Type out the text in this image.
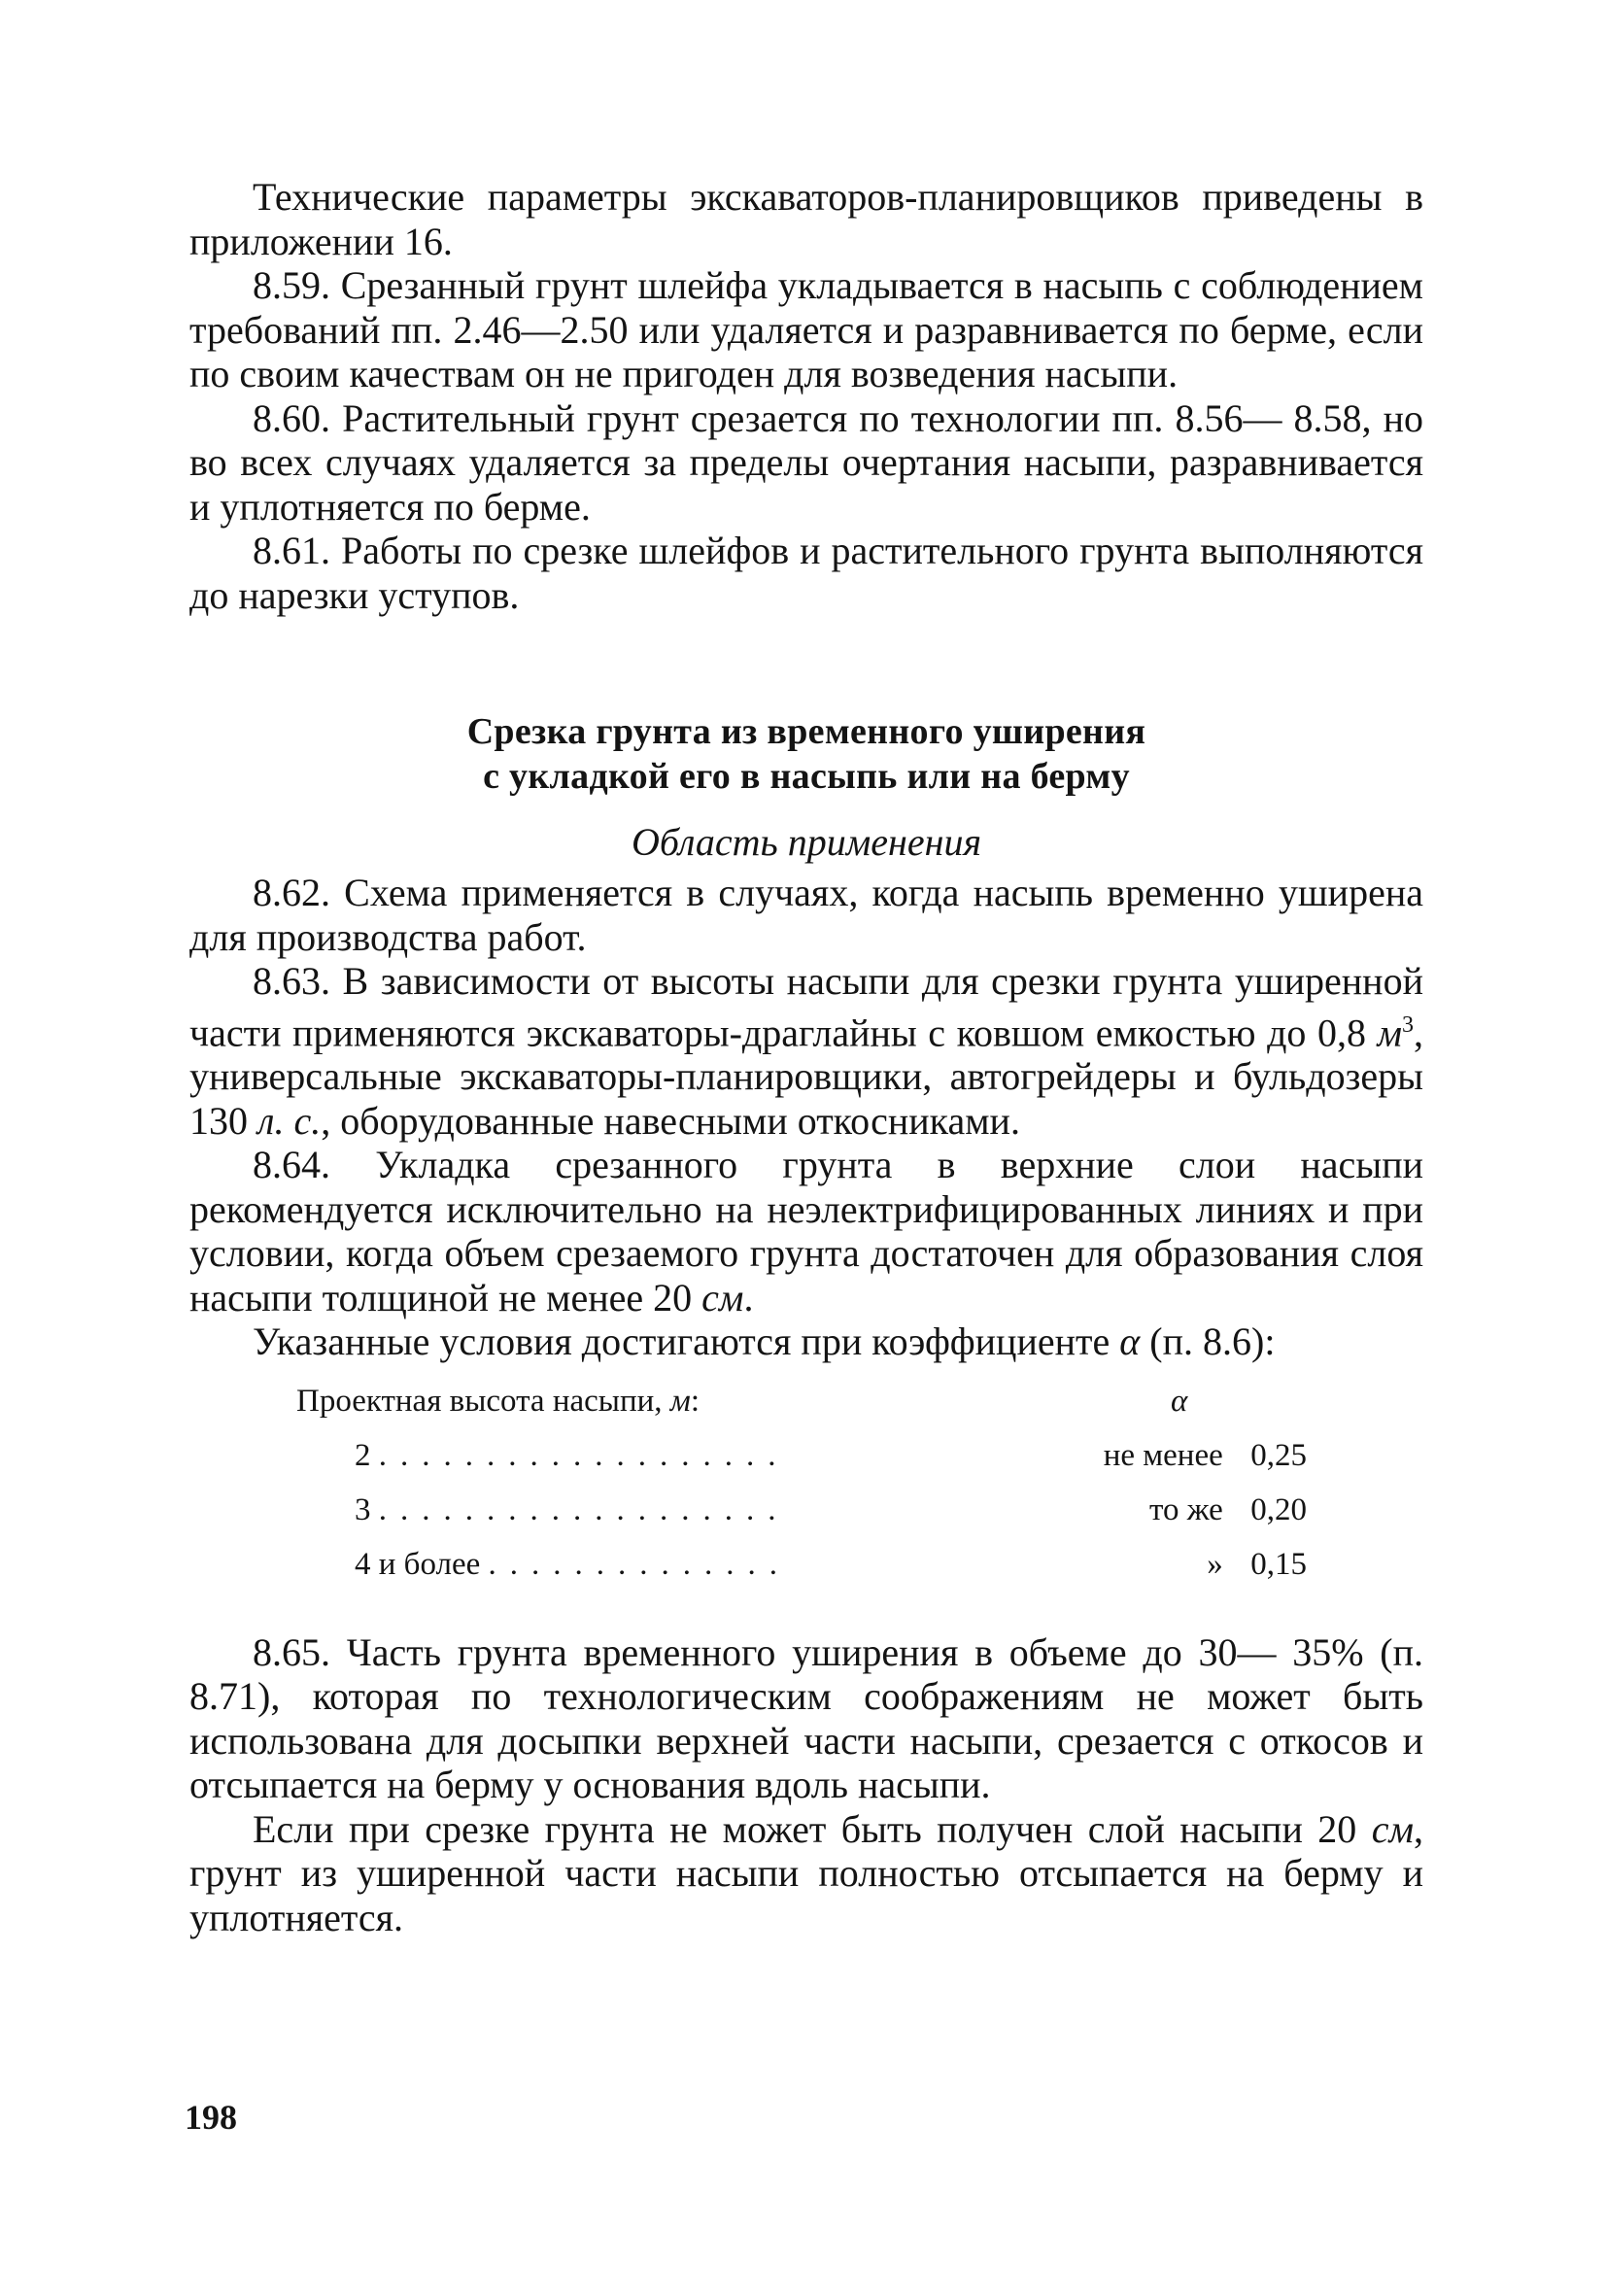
Технические параметры экскаваторов-планировщиков приведены в приложении 16.

8.59. Срезанный грунт шлейфа укладывается в насыпь с соблюдением требований пп. 2.46—2.50 или удаляется и разравнивается по берме, если по своим качествам он не пригоден для возведения насыпи.

8.60. Растительный грунт срезается по технологии пп. 8.56— 8.58, но во всех случаях удаляется за пределы очертания насыпи, разравнивается и уплотняется по берме.

8.61. Работы по срезке шлейфов и растительного грунта выполняются до нарезки уступов.

Срезка грунта из временного уширения
с укладкой его в насыпь или на берму
Область применения

8.62. Схема применяется в случаях, когда насыпь временно уширена для производства работ.

8.63. В зависимости от высоты насыпи для срезки грунта уширенной части применяются экскаваторы-драглайны с ковшом емкостью до 0,8 $м^3$, универсальные экскаваторы-планировщики, автогрейдеры и бульдозеры 130 л. с., оборудованные навесными откосниками.

8.64. Укладка срезанного грунта в верхние слои насыпи рекомендуется исключительно на неэлектрифицированных линиях и при условии, когда объем срезаемого грунта достаточен для образования слоя насыпи толщиной не менее 20 см.

Указанные условия достигаются при коэффициенте α (п. 8.6):

Проектная высота насыпи, м:	α
2 ...................	не менее 0,25
3 ...................	то же 0,20
4 и более ..............	» 0,15

8.65. Часть грунта временного уширения в объеме до 30— 35% (п. 8.71), которая по технологическим соображениям не может быть использована для досыпки верхней части насыпи, срезается с откосов и отсыпается на берму у основания вдоль насыпи.

Если при срезке грунта не может быть получен слой насыпи 20 см, грунт из уширенной части насыпи полностью отсыпается на берму и уплотняется.

198
